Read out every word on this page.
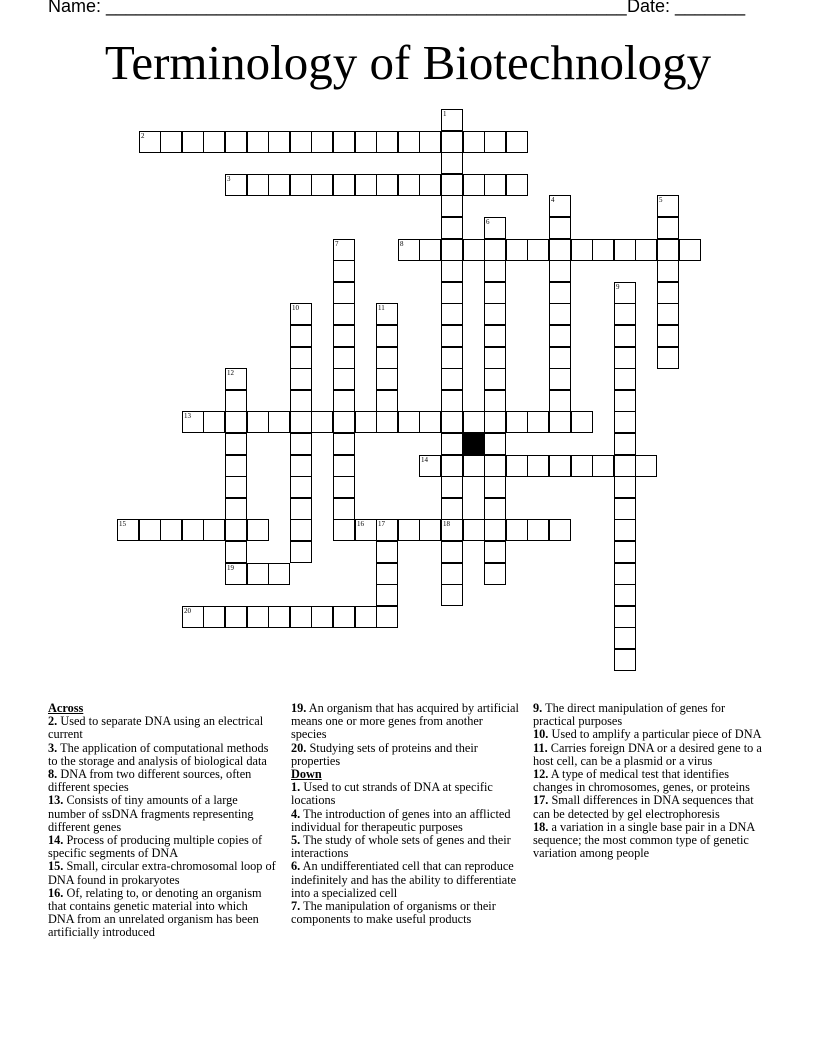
Name: ____________________________________________________ Date: _______
Terminology of Biotechnology
1
18
2
3
4	5
6
7	8
9
10	11
12
19
13
14
15	16 17
20
Across
2. Used to separate DNA using an electrical current
3. The application of computational methods to the storage and analysis of biological data
8. DNA from two different sources, often different species
13. Consists of tiny amounts of a large number of ssDNA fragments representing different genes
14. Process of producing multiple copies of specific segments of DNA
15. Small, circular extra-chromosomal loop of DNA found in prokaryotes
16. Of, relating to, or denoting an organism that contains genetic material into which DNA from an unrelated organism has been artificially introduced
19. An organism that has acquired by artificial means one or more genes from another species
20. Studying sets of proteins and their properties
Down
1. Used to cut strands of DNA at specific locations
4. The introduction of genes into an afflicted individual for therapeutic purposes
5. The study of whole sets of genes and their interactions
6. An undifferentiated cell that can reproduce indefinitely and has the ability to differentiate into a specialized cell
7. The manipulation of organisms or their components to make useful products
9. The direct manipulation of genes for practical purposes
10. Used to amplify a particular piece of DNA
11. Carries foreign DNA or a desired gene to a host cell, can be a plasmid or a virus
12. A type of medical test that identifies changes in chromosomes, genes, or proteins
17. Small differences in DNA sequences that can be detected by gel electrophoresis
18. a variation in a single base pair in a DNA sequence; the most common type of genetic variation among people
